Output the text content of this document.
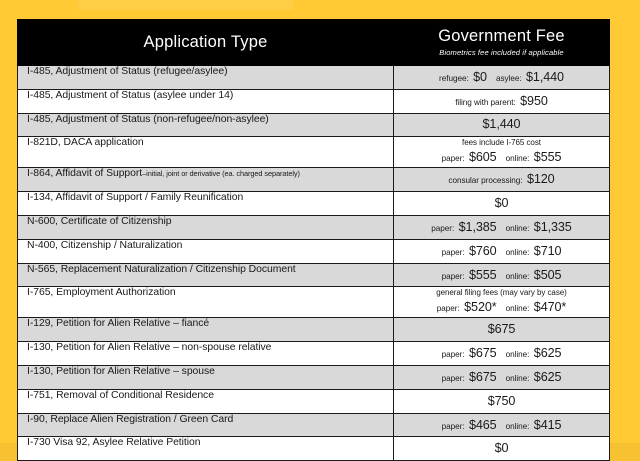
Application Type	Government Fee
Biometrics fee included if applicable

I-485, Adjustment of Status (refugee/asylee)	refugee: $0 asylee: $1,440

I-485, Adjustment of Status (asylee under 14)	filing with parent: $950

I-485, Adjustment of Status (non-refugee/non-asylee)	$1,440

I-821D, DACA application	fees include I-765 cost
paper: $605 online: $555

I-864, Affidavit of Support–initial, joint or derivative (ea. charged separately)	consular processing: $120

I-134, Affidavit of Support / Family Reunification	$0

N-600, Certificate of Citizenship	paper: $1,385 online: $1,335

N-400, Citizenship / Naturalization	paper: $760 online: $710

N-565, Replacement Naturalization / Citizenship Document	paper: $555 online: $505

I-765, Employment Authorization	general filing fees (may vary by case)
paper: $520* online: $470*

I-129, Petition for Alien Relative – fiancé	$675

I-130, Petition for Alien Relative – non-spouse relative	paper: $675 online: $625

I-130, Petition for Alien Relative – spouse	paper: $675 online: $625

I-751, Removal of Conditional Residence	$750

I-90, Replace Alien Registration / Green Card	paper: $465 online: $415

I-730 Visa 92, Asylee Relative Petition	$0
